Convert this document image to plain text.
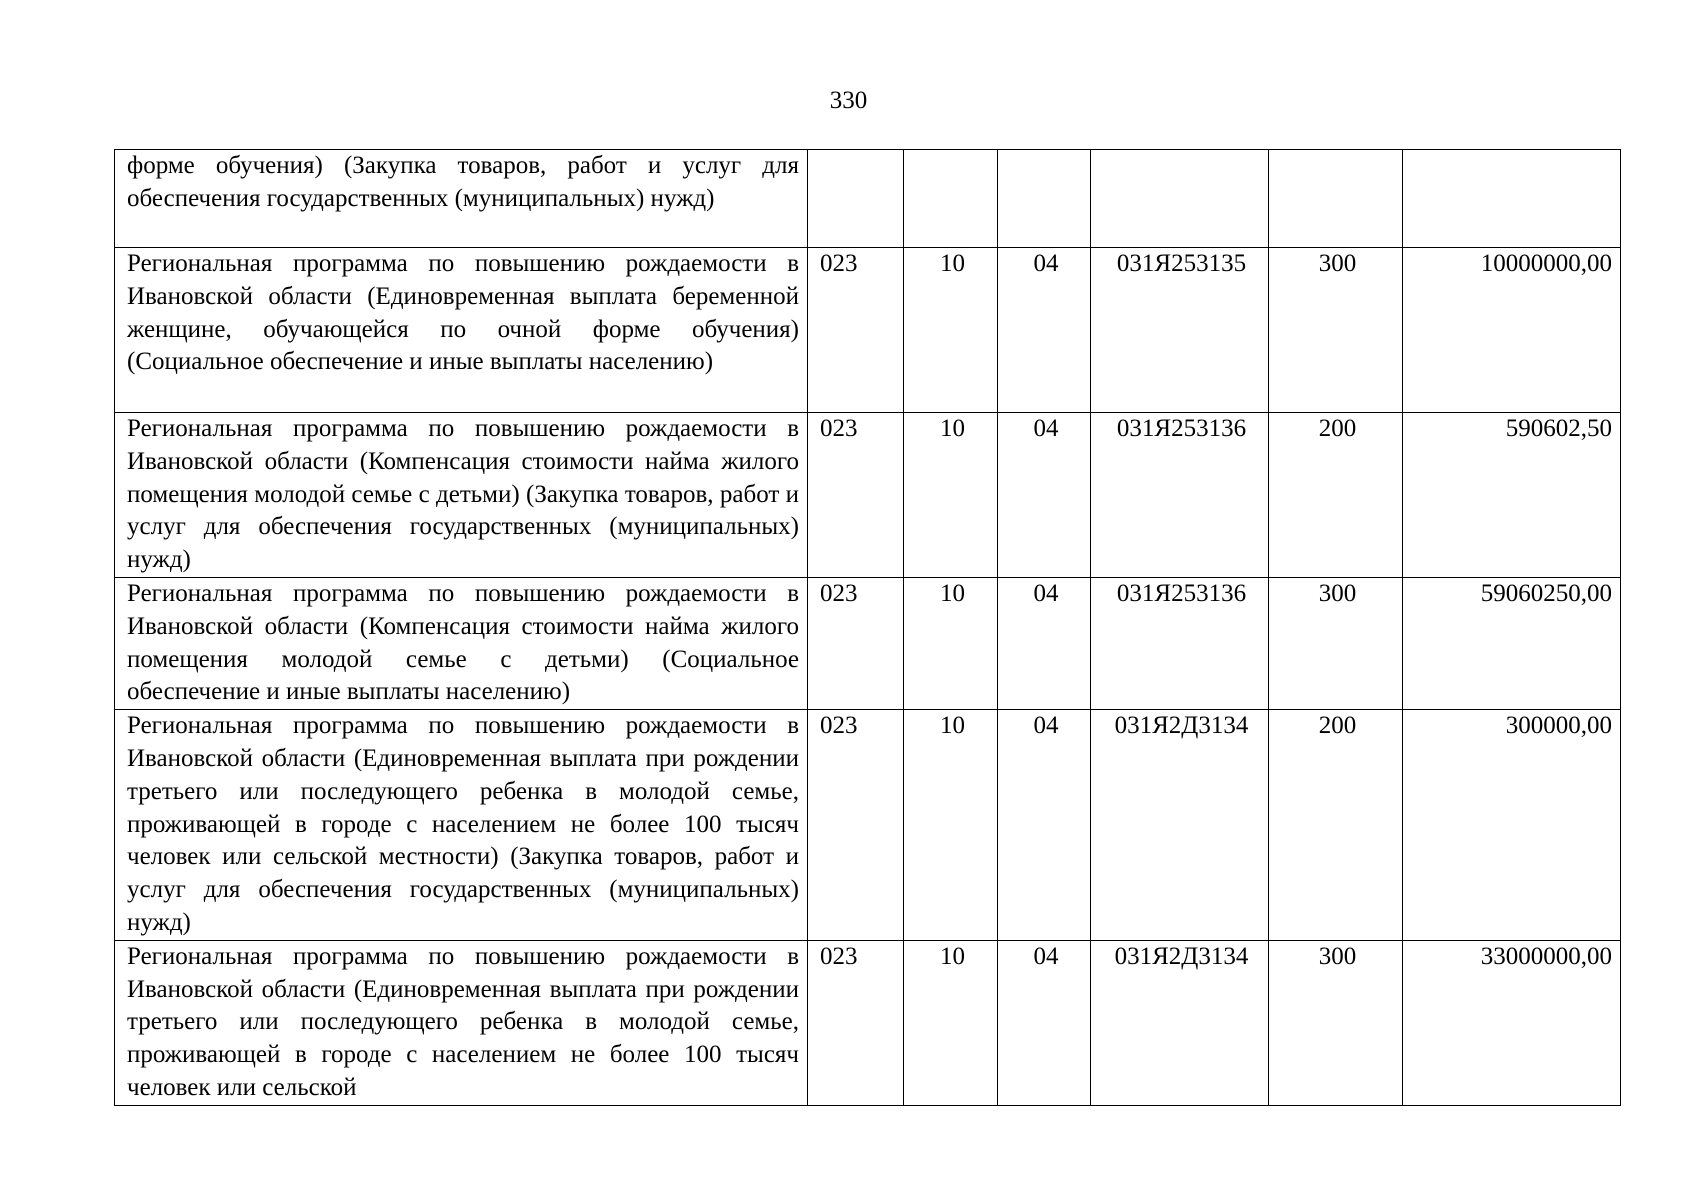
330
форме обучения) (Закупка товаров, работ и услуг для обеспечения государственных (муниципальных) нужд)						
Региональная программа по повышению рождаемости в Ивановской области (Единовременная выплата беременной женщине, обучающейся по очной форме обучения) (Социальное обеспечение и иные выплаты населению)	023	10	04	031Я253135	300	10000000,00
Региональная программа по повышению рождаемости в Ивановской области (Компенсация стоимости найма жилого помещения молодой семье с детьми) (Закупка товаров, работ и услуг для обеспечения государственных (муниципальных) нужд)	023	10	04	031Я253136	200	590602,50
Региональная программа по повышению рождаемости в Ивановской области (Компенсация стоимости найма жилого помещения молодой семье с детьми) (Социальное обеспечение и иные выплаты населению)	023	10	04	031Я253136	300	59060250,00
Региональная программа по повышению рождаемости в Ивановской области (Единовременная выплата при рождении третьего или последующего ребенка в молодой семье, проживающей в городе с населением не более 100 тысяч человек или сельской местности) (Закупка товаров, работ и услуг для обеспечения государственных (муниципальных) нужд)	023	10	04	031Я2Д3134	200	300000,00
Региональная программа по повышению рождаемости в Ивановской области (Единовременная выплата при рождении третьего или последующего ребенка в молодой семье, проживающей в городе с населением не более 100 тысяч человек или сельской	023	10	04	031Я2Д3134	300	33000000,00
